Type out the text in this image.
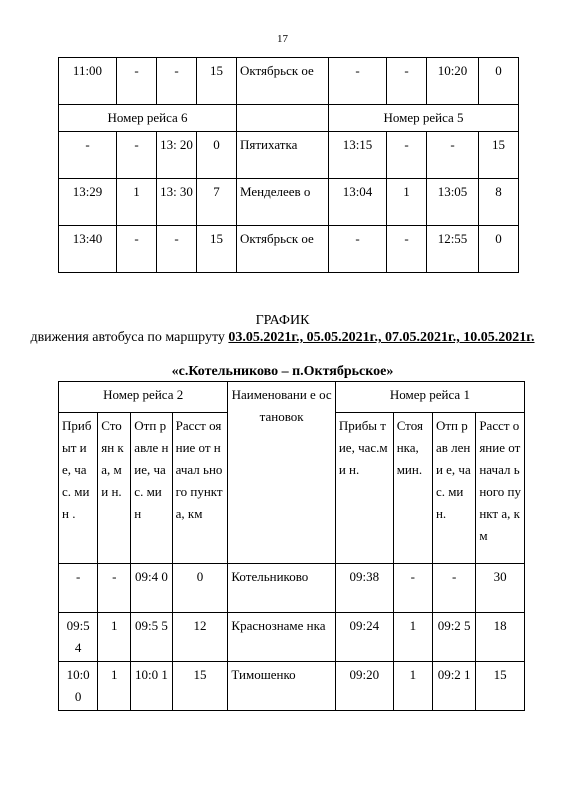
17
11:00	-	-	15	Октябрьск ое	-	-	10:20	0
Номер рейса 6					Номер рейса 5			
-	-	13: 20	0	Пятихатка	13:15	-	-	15
13:29	1	13: 30	7	Менделеев о	13:04	1	13:05	8
13:40	-	-	15	Октябрьск ое	-	-	12:55	0
ГРАФИК
движения автобуса по маршруту 03.05.2021г., 05.05.2021г., 07.05.2021г., 10.05.2021г.
«с.Котельниково – п.Октябрьское»
Номер рейса 2				Наименовани е остановок	Номер рейса 1			
Прибыт ие, час. мин .	Стоян ка, ми н.	Отп равле ние, час. мин	Расст ояние от начал ьного пункт а, км		Прибы тие, час.ми н.	Стоя нка, мин.	Отп рав лени е, час. мин.	Расст ояние от начал ьного пункт а, км
-	-	09:4 0	0	Котельниково	09:38	-	-	30
09:5 4	1	09:5 5	12	Краснознаме нка	09:24	1	09:2 5	18
10:0 0	1	10:0 1	15	Тимошенко	09:20	1	09:2 1	15
